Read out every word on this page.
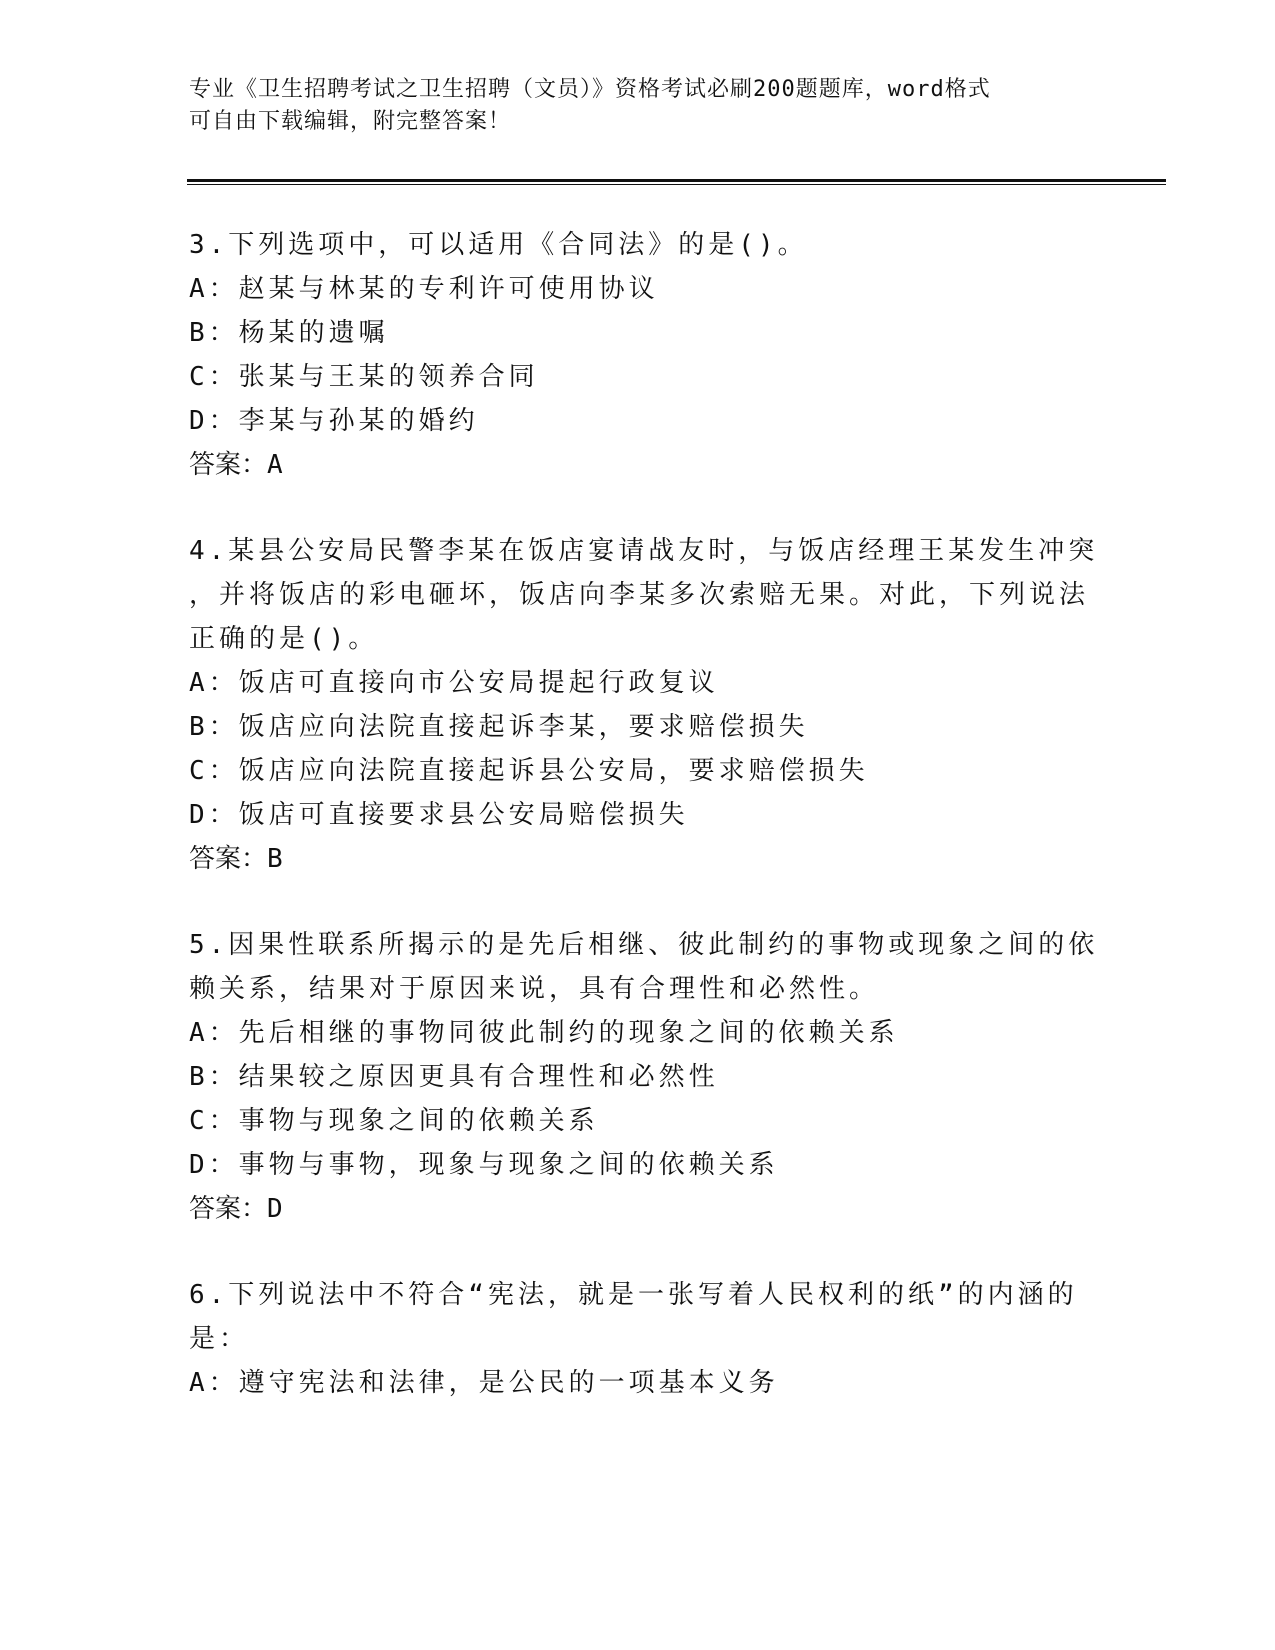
专业《卫生招聘考试之卫生招聘（文员）》资格考试必刷200题题库，word格式
可自由下载编辑，附完整答案！
3.下列选项中，可以适用《合同法》的是()。
A：赵某与林某的专利许可使用协议
B：杨某的遗嘱
C：张某与王某的领养合同
D：李某与孙某的婚约
答案：A
4.某县公安局民警李某在饭店宴请战友时，与饭店经理王某发生冲突
，并将饭店的彩电砸坏，饭店向李某多次索赔无果。对此，下列说法
正确的是()。
A：饭店可直接向市公安局提起行政复议
B：饭店应向法院直接起诉李某，要求赔偿损失
C：饭店应向法院直接起诉县公安局，要求赔偿损失
D：饭店可直接要求县公安局赔偿损失
答案：B
5.因果性联系所揭示的是先后相继、彼此制约的事物或现象之间的依
赖关系，结果对于原因来说，具有合理性和必然性。
A：先后相继的事物同彼此制约的现象之间的依赖关系
B：结果较之原因更具有合理性和必然性
C：事物与现象之间的依赖关系
D：事物与事物，现象与现象之间的依赖关系
答案：D
6.下列说法中不符合“宪法，就是一张写着人民权利的纸”的内涵的
是：
A：遵守宪法和法律，是公民的一项基本义务
